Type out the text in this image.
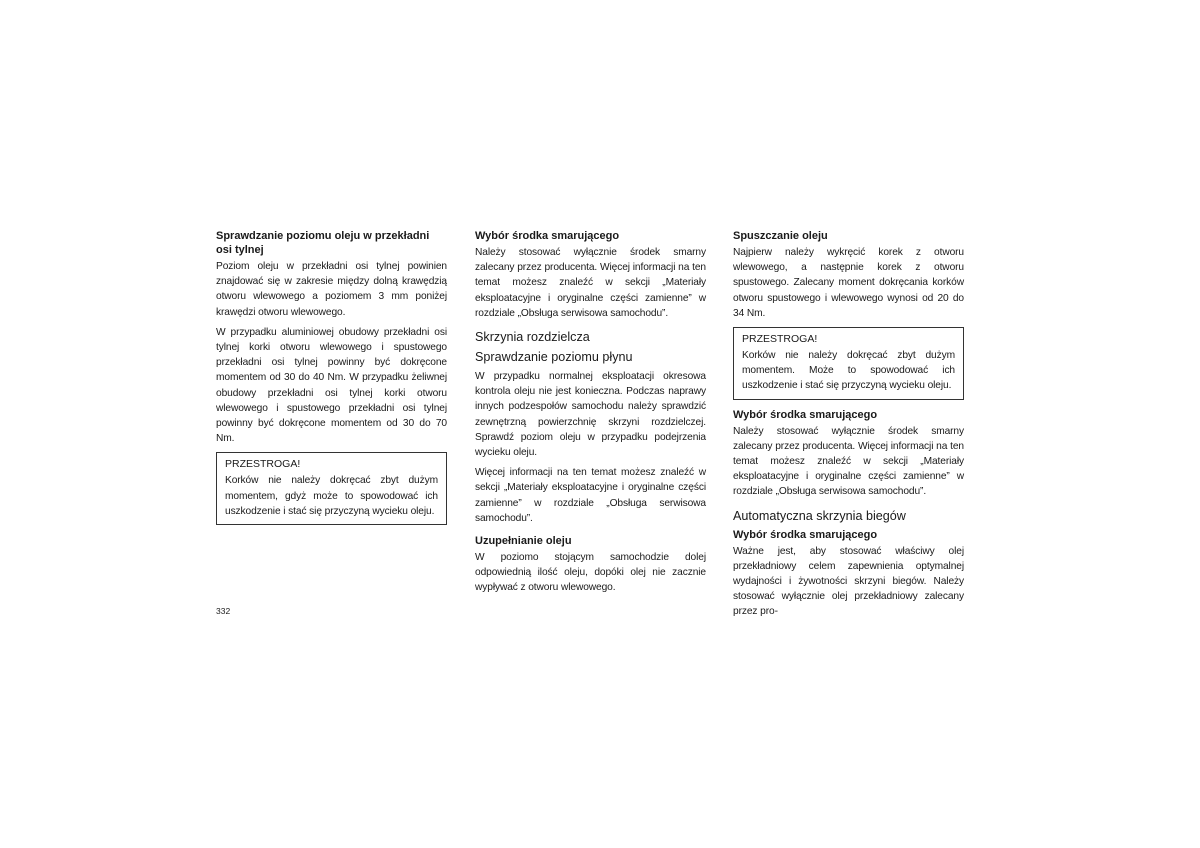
Sprawdzanie poziomu oleju w przekładni osi tylnej

Poziom oleju w przekładni osi tylnej powinien znajdować się w zakresie między dolną krawędzią otworu wlewowego a poziomem 3 mm poniżej krawędzi otworu wlewowego.

W przypadku aluminiowej obudowy przekładni osi tylnej korki otworu wlewowego i spustowego przekładni osi tylnej powinny być dokręcone momentem od 30 do 40 Nm. W przypadku żeliwnej obudowy przekładni osi tylnej korki otworu wlewowego i spustowego przekładni osi tylnej powinny być dokręcone momentem od 30 do 70 Nm.

PRZESTROGA!

Korków nie należy dokręcać zbyt dużym momentem, gdyż może to spowodować ich uszkodzenie i stać się przyczyną wycieku oleju.

Wybór środka smarującego

Należy stosować wyłącznie środek smarny zalecany przez producenta. Więcej informacji na ten temat możesz znaleźć w sekcji „Materiały eksploatacyjne i oryginalne części zamienne” w rozdziale „Obsługa serwisowa samochodu”.

Skrzynia rozdzielcza
Sprawdzanie poziomu płynu

W przypadku normalnej eksploatacji okresowa kontrola oleju nie jest konieczna. Podczas naprawy innych podzespołów samochodu należy sprawdzić zewnętrzną powierzchnię skrzyni rozdzielczej. Sprawdź poziom oleju w przypadku podejrzenia wycieku oleju.

Więcej informacji na ten temat możesz znaleźć w sekcji „Materiały eksploatacyjne i oryginalne części zamienne” w rozdziale „Obsługa serwisowa samochodu”.

Uzupełnianie oleju

W poziomo stojącym samochodzie dolej odpowiednią ilość oleju, dopóki olej nie zacznie wypływać z otworu wlewowego.

Spuszczanie oleju

Najpierw należy wykręcić korek z otworu wlewowego, a następnie korek z otworu spustowego. Zalecany moment dokręcania korków otworu spustowego i wlewowego wynosi od 20 do 34 Nm.

PRZESTROGA!

Korków nie należy dokręcać zbyt dużym momentem. Może to spowodować ich uszkodzenie i stać się przyczyną wycieku oleju.

Wybór środka smarującego

Należy stosować wyłącznie środek smarny zalecany przez producenta. Więcej informacji na ten temat możesz znaleźć w sekcji „Materiały eksploatacyjne i oryginalne części zamienne” w rozdziale „Obsługa serwisowa samochodu”.

Automatyczna skrzynia biegów
Wybór środka smarującego

Ważne jest, aby stosować właściwy olej przekładniowy celem zapewnienia optymalnej wydajności i żywotności skrzyni biegów. Należy stosować wyłącznie olej przekładniowy zalecany przez pro-

332
